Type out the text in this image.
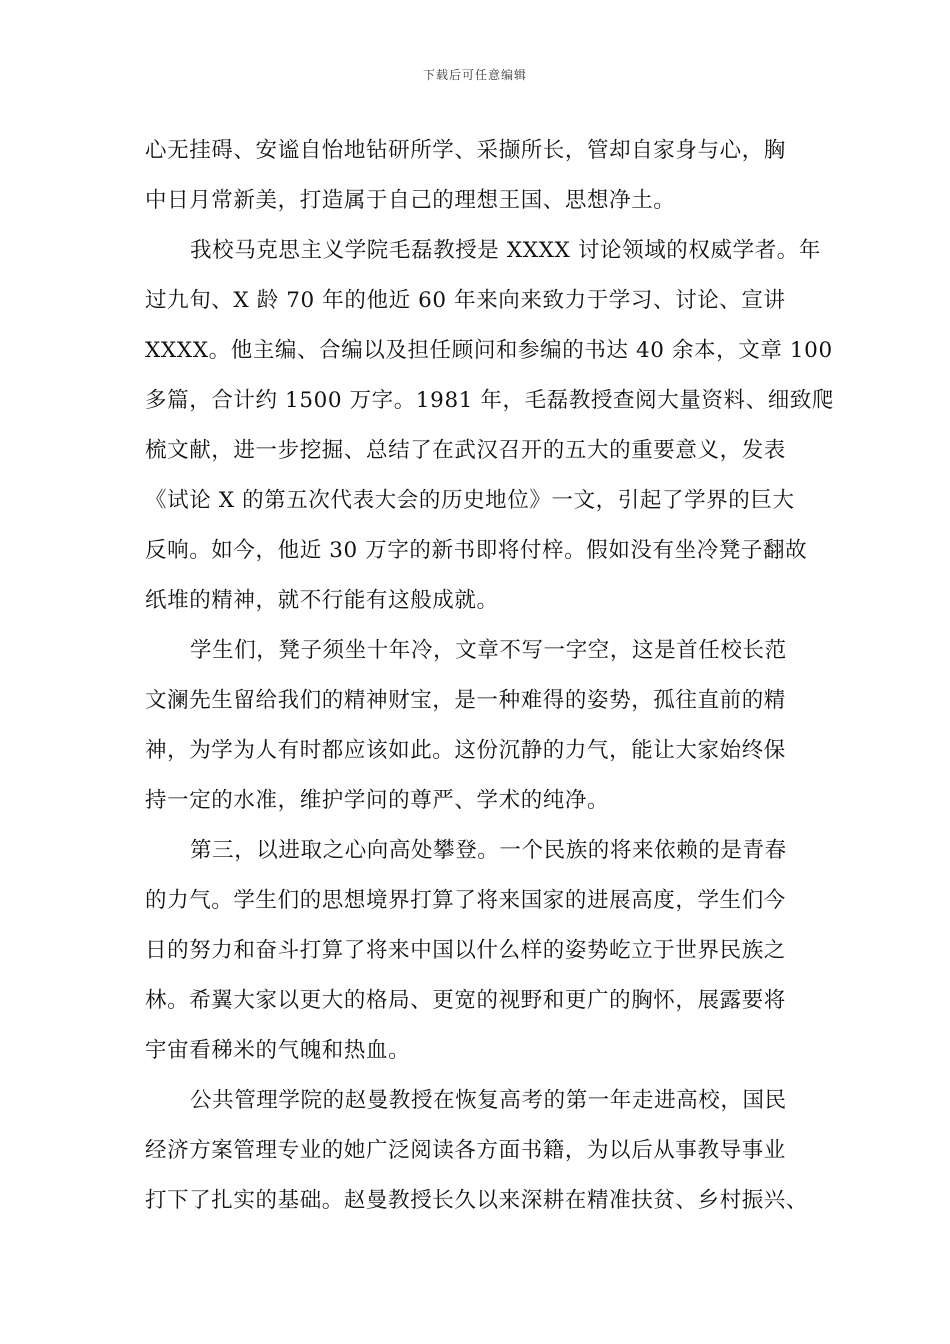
下载后可任意编辑
心无挂碍、安谧自怡地钻研所学、采撷所长，管却自家身与心，胸
中日月常新美，打造属于自己的理想王国、思想净土。
我校马克思主义学院毛磊教授是 XXXX 讨论领域的权威学者。年
过九旬、X 龄 70 年的他近 60 年来向来致力于学习、讨论、宣讲
XXXX。他主编、合编以及担任顾问和参编的书达 40 余本，文章 100
多篇，合计约 1500 万字。1981 年，毛磊教授查阅大量资料、细致爬
梳文献，进一步挖掘、总结了在武汉召开的五大的重要意义，发表
《试论 X 的第五次代表大会的历史地位》一文，引起了学界的巨大
反响。如今，他近 30 万字的新书即将付梓。假如没有坐冷凳子翻故
纸堆的精神，就不行能有这般成就。
学生们，凳子须坐十年冷，文章不写一字空，这是首任校长范
文澜先生留给我们的精神财宝，是一种难得的姿势，孤往直前的精
神，为学为人有时都应该如此。这份沉静的力气，能让大家始终保
持一定的水准，维护学问的尊严、学术的纯净。
第三，以进取之心向高处攀登。一个民族的将来依赖的是青春
的力气。学生们的思想境界打算了将来国家的进展高度，学生们今
日的努力和奋斗打算了将来中国以什么样的姿势屹立于世界民族之
林。希翼大家以更大的格局、更宽的视野和更广的胸怀，展露要将
宇宙看稊米的气魄和热血。
公共管理学院的赵曼教授在恢复高考的第一年走进高校，国民
经济方案管理专业的她广泛阅读各方面书籍，为以后从事教导事业
打下了扎实的基础。赵曼教授长久以来深耕在精准扶贫、乡村振兴、
